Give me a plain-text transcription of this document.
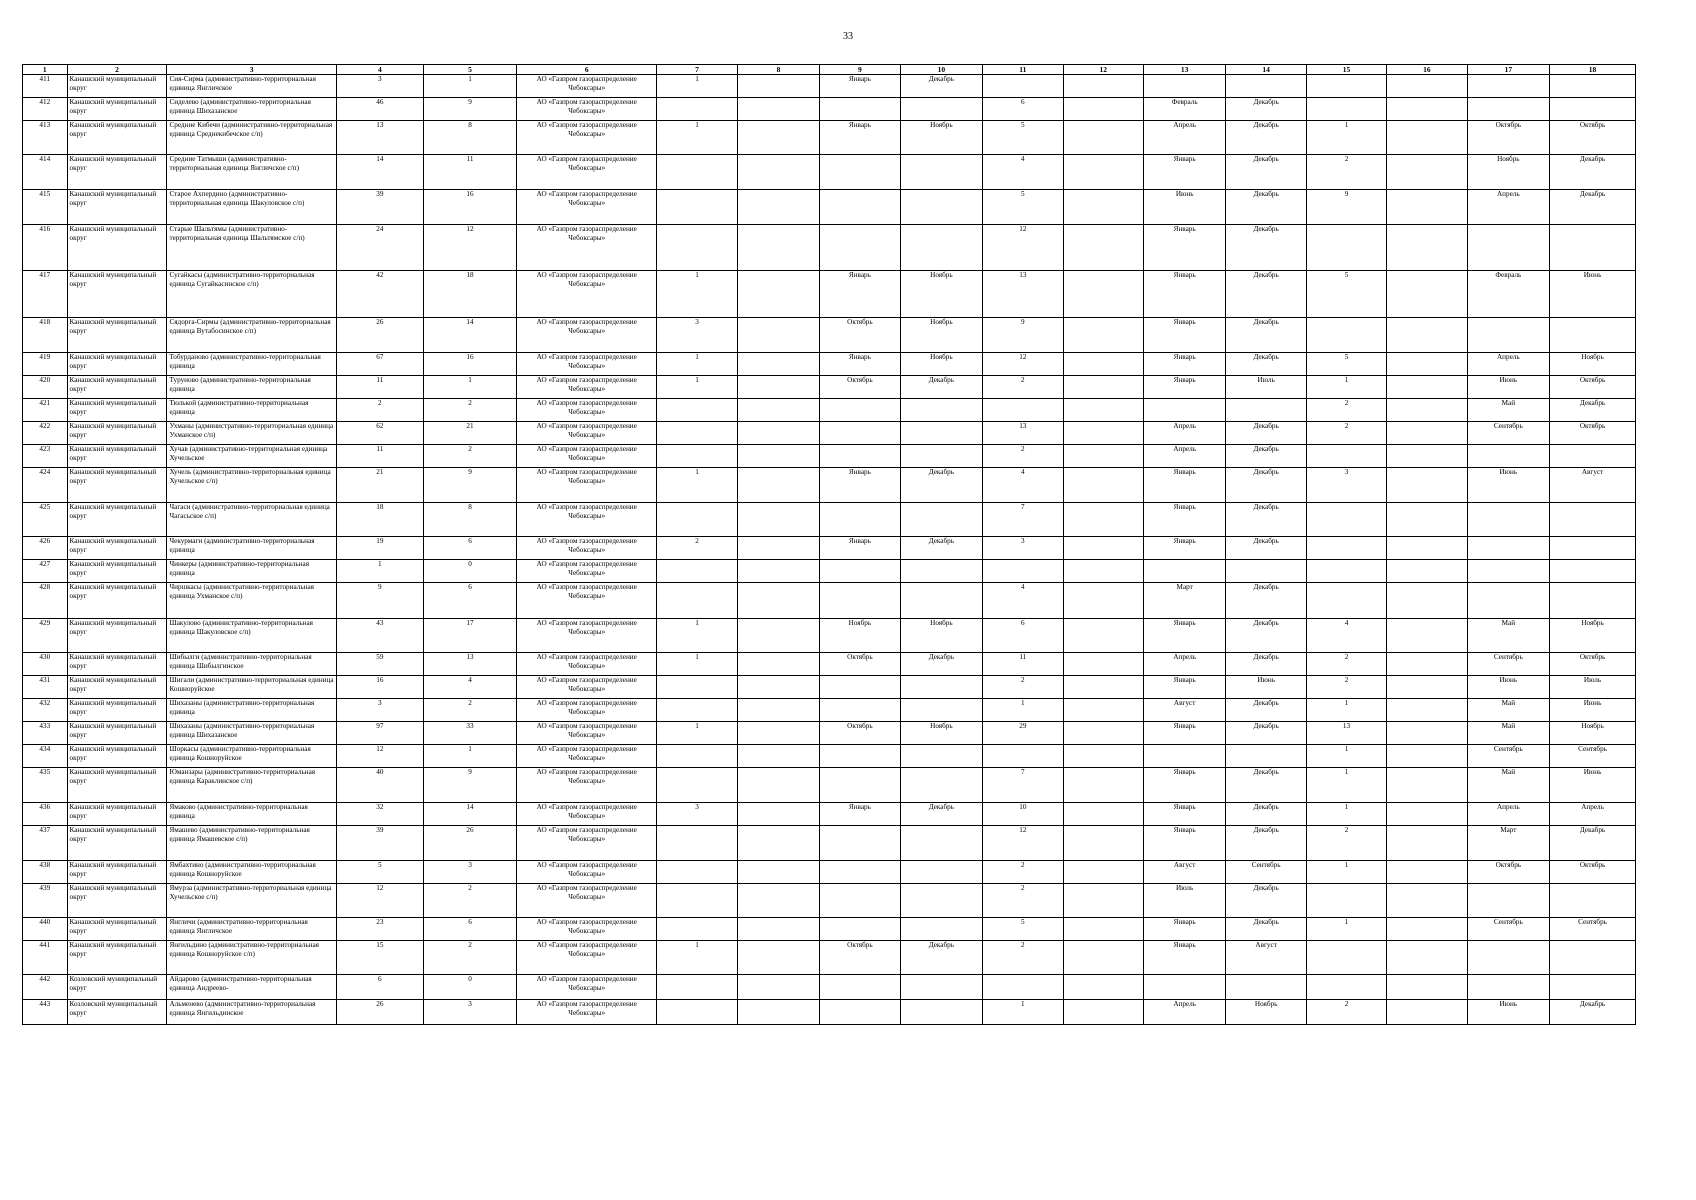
33
1	2	3	4	5	6	7	8	9	10	11	12	13	14	15	16	17	18
411	Канашский муниципальный округ	Сия-Сирма (административно-территориальная единица Янгличское	3	1	АО «Газпром газораспределение Чебоксары»	1		Январь	Декабрь								
412	Канашский муниципальный округ	Сиделево (административно-территориальная единица Шихазанское	46	9	АО «Газпром газораспределение Чебоксары»					6		Февраль	Декабрь				
413	Канашский муниципальный округ	Средние Кибечи (административно-территориальная единица Среднекибечское с/п)	13	8	АО «Газпром газораспределение Чебоксары»	1		Январь	Ноябрь	5		Апрель	Декабрь	1		Октябрь	Октябрь
414	Канашский муниципальный округ	Средние Татмыши (административно-территориальная единица Янгличское с/п)	14	11	АО «Газпром газораспределение Чебоксары»					4		Январь	Декабрь	2		Ноябрь	Декабрь
415	Канашский муниципальный округ	Старое Ахпердино (административно-территориальная единица Шакуловское с/п)	39	16	АО «Газпром газораспределение Чебоксары»					5		Июнь	Декабрь	9		Апрель	Декабрь
416	Канашский муниципальный округ	Старые Шальтямы (административно-территориальная единица Шальтямское с/п)	24	12	АО «Газпром газораспределение Чебоксары»					12		Январь	Декабрь				
417	Канашский муниципальный округ	Сугайкасы (административно-территориальная единица Сугайкасинское с/п)	42	18	АО «Газпром газораспределение Чебоксары»	1		Январь	Ноябрь	13		Январь	Декабрь	5		Февраль	Июнь
418	Канашский муниципальный округ	Сядорга-Сирмы (административно-территориальная единица Вутабосинское с/п)	26	14	АО «Газпром газораспределение Чебоксары»	3		Октябрь	Ноябрь	9		Январь	Декабрь				
419	Канашский муниципальный округ	Тобурданово (административно-территориальная единица	67	16	АО «Газпром газораспределение Чебоксары»	1		Январь	Ноябрь	12		Январь	Декабрь	5		Апрель	Ноябрь
420	Канашский муниципальный округ	Туруново (административно-территориальная единица	11	1	АО «Газпром газораспределение Чебоксары»	1		Октябрь	Декабрь	2		Январь	Июль	1		Июнь	Октябрь
421	Канашский муниципальный округ	Тюлькой (административно-территориальная единица	2	2	АО «Газпром газораспределение Чебоксары»									2		Май	Декабрь
422	Канашский муниципальный округ	Ухманы (административно-территориальная единица Ухманское с/п)	62	21	АО «Газпром газораспределение Чебоксары»					13		Апрель	Декабрь	2		Сентябрь	Октябрь
423	Канашский муниципальный округ	Хучав (административно-территориальная единица Хучельское	11	2	АО «Газпром газораспределение Чебоксары»					2		Апрель	Декабрь				
424	Канашский муниципальный округ	Хучель (административно-территориальная единица Хучельское с/п)	21	9	АО «Газпром газораспределение Чебоксары»	1		Январь	Декабрь	4		Январь	Декабрь	3		Июнь	Август
425	Канашский муниципальный округ	Чагаси (административно-территориальная единица Чагасьское с/п)	18	8	АО «Газпром газораспределение Чебоксары»					7		Январь	Декабрь				
426	Канашский муниципальный округ	Чекурмаги (административно-территориальная единица	19	6	АО «Газпром газораспределение Чебоксары»	2		Январь	Декабрь	3		Январь	Декабрь				
427	Канашский муниципальный округ	Чинкеры (административно-территориальная единица	1	0	АО «Газпром газораспределение Чебоксары»												
428	Канашский муниципальный округ	Чиршкасы (административно-территориальная единица Ухманское с/п)	9	6	АО «Газпром газораспределение Чебоксары»					4		Март	Декабрь				
429	Канашский муниципальный округ	Шакулово (административно-территориальная единица Шакуловское с/п)	43	17	АО «Газпром газораспределение Чебоксары»	1		Ноябрь	Ноябрь	6		Январь	Декабрь	4		Май	Ноябрь
430	Канашский муниципальный округ	Шибылги (административно-территориальная единица Шибылгинское	59	13	АО «Газпром газораспределение Чебоксары»	1		Октябрь	Декабрь	11		Апрель	Декабрь	2		Сентябрь	Октябрь
431	Канашский муниципальный округ	Шигали (административно-территориальная единица Кошноруйское	16	4	АО «Газпром газораспределение Чебоксары»					2		Январь	Июнь	2		Июнь	Июль
432	Канашский муниципальный округ	Шихазаны (административно-территориальная единица	3	2	АО «Газпром газораспределение Чебоксары»					1		Август	Декабрь	1		Май	Июнь
433	Канашский муниципальный округ	Шихазаны (административно-территориальная единица Шихазанское	97	33	АО «Газпром газораспределение Чебоксары»	1		Октябрь	Ноябрь	29		Январь	Декабрь	13		Май	Ноябрь
434	Канашский муниципальный округ	Шоркасы (административно-территориальная единица Кошноруйское	12	1	АО «Газпром газораспределение Чебоксары»									1		Сентябрь	Сентябрь
435	Канашский муниципальный округ	Юманзары (административно-территориальная единица Караклинское с/п)	40	9	АО «Газпром газораспределение Чебоксары»					7		Январь	Декабрь	1		Май	Июнь
436	Канашский муниципальный округ	Ямаково (административно-территориальная единица	32	14	АО «Газпром газораспределение Чебоксары»	3		Январь	Декабрь	10		Январь	Декабрь	1		Апрель	Апрель
437	Канашский муниципальный округ	Ямашево (административно-территориальная единица Ямашевское с/п)	39	26	АО «Газпром газораспределение Чебоксары»					12		Январь	Декабрь	2		Март	Декабрь
438	Канашский муниципальный округ	Ямбахтино (административно-территориальная единица Кошноруйское	5	3	АО «Газпром газораспределение Чебоксары»					2		Август	Сентябрь	1		Октябрь	Октябрь
439	Канашский муниципальный округ	Ямурза (административно-территориальная единица Хучельское с/п)	12	2	АО «Газпром газораспределение Чебоксары»					2		Июль	Декабрь				
440	Канашский муниципальный округ	Янгличи (административно-территориальная единица Янгличское	23	6	АО «Газпром газораспределение Чебоксары»					5		Январь	Декабрь	1		Сентябрь	Сентябрь
441	Канашский муниципальный округ	Янгильдино (административно-территориальная единица Кошноруйское с/п)	15	2	АО «Газпром газораспределение Чебоксары»	1		Октябрь	Декабрь	2		Январь	Август				
442	Козловский муниципальный округ	Айдарово (административно-территориальная единица Андреево-	6	0	АО «Газпром газораспределение Чебоксары»												
443	Козловский муниципальный округ	Альменево (административно-территориальная единица Янгильдинское	26	3	АО «Газпром газораспределение Чебоксары»					1		Апрель	Ноябрь	2		Июнь	Декабрь
